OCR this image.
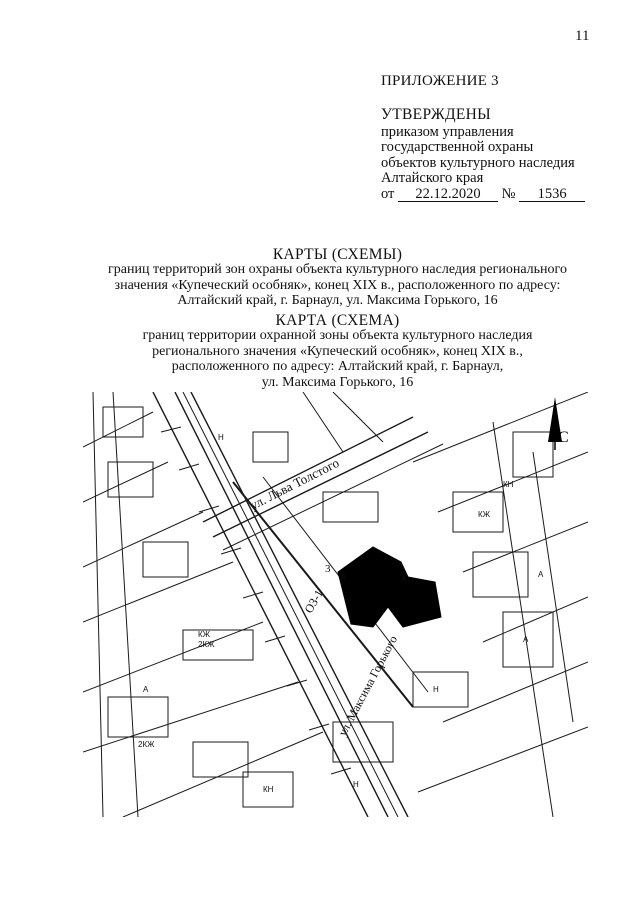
11
ПРИЛОЖЕНИЕ 3
УТВЕРЖДЕНЫ
приказом управления
государственной охраны
объектов культурного наследия
Алтайского края
от 22.12.2020 № 1536
КАРТЫ (СХЕМЫ)
границ территорий зон охраны объекта культурного наследия регионального
значения «Купеческий особняк», конец XIX в., расположенного по адресу:
Алтайский край, г. Барнаул, ул. Максима Горького, 16
КАРТА (СХЕМА)
границ территории охранной зоны объекта культурного наследия
регионального значения «Купеческий особняк», конец XIX в.,
расположенного по адресу: Алтайский край, г. Барнаул,
ул. Максима Горького, 16
С
ул. Льва Толстого
ул. Максима Горького
ОЗ-1
3
А	А
А
А
А
КЖ
КН
КЖ
2КЖ
2КЖ
Н
Н
КН
Н
